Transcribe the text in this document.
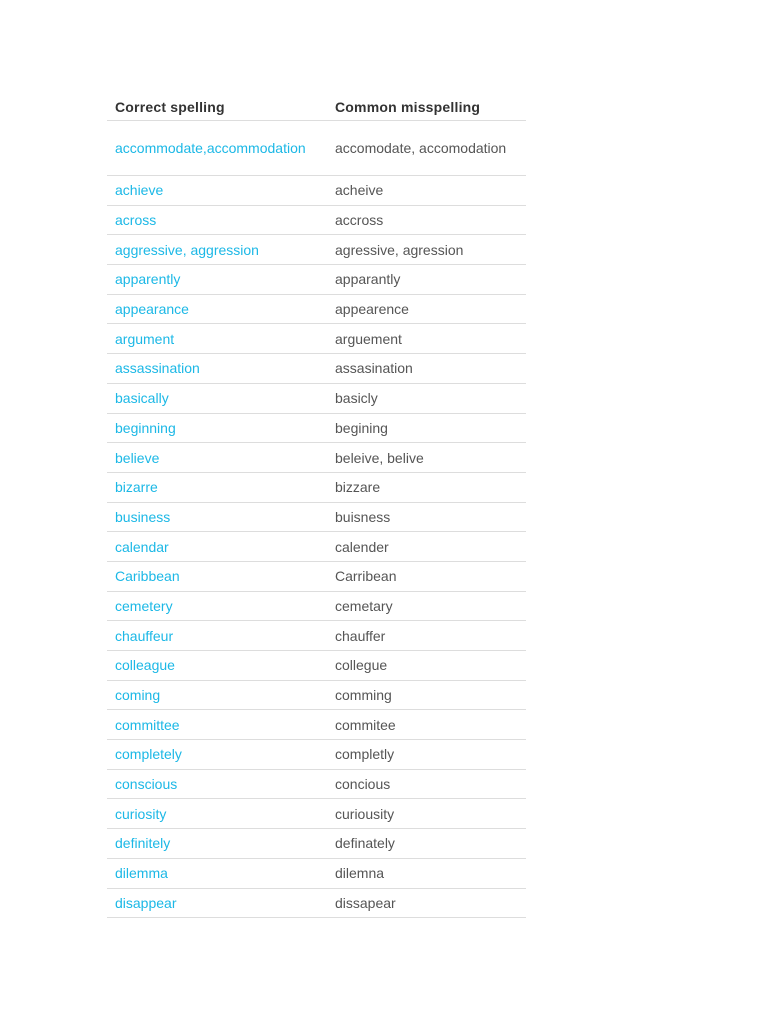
Correct spelling	Common misspelling
accommodate,accommodation	accomodate, accomodation
achieve	acheive
across	accross
aggressive, aggression	agressive, agression
apparently	apparantly
appearance	appearence
argument	arguement
assassination	assasination
basically	basicly
beginning	begining
believe	beleive, belive
bizarre	bizzare
business	buisness
calendar	calender
Caribbean	Carribean
cemetery	cemetary
chauffeur	chauffer
colleague	collegue
coming	comming
committee	commitee
completely	completly
conscious	concious
curiosity	curiousity
definitely	definately
dilemma	dilemna
disappear	dissapear
